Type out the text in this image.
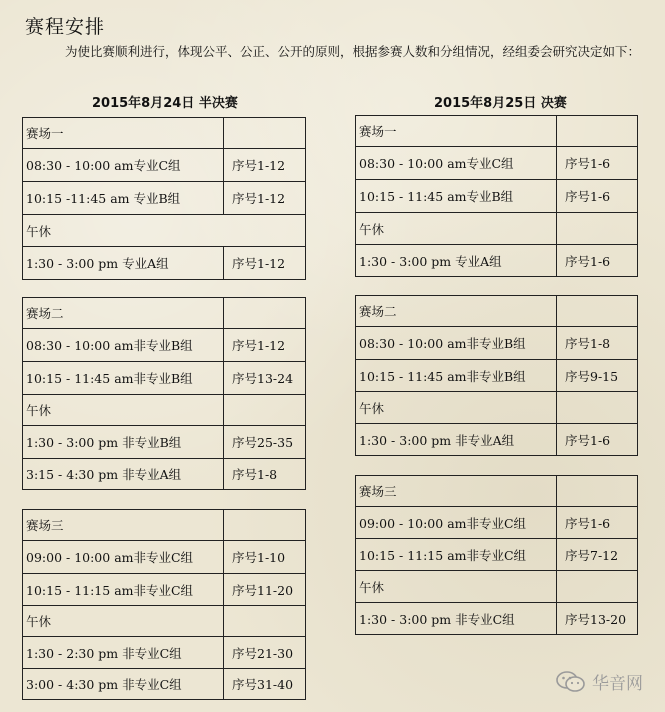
赛程安排
为使比赛顺利进行，体现公平、公正、公开的原则，根据参赛人数和分组情况，经组委会研究决定如下：
2015年8月24日 半决赛	2015年8月25日 决赛
赛场一	
08:30 - 10:00 am专业C组	序号1-12
10:15 -11:45 am 专业B组	序号1-12
午休	
1:30 - 3:00 pm 专业A组	序号1-12
赛场二	
08:30 - 10:00 am非专业B组	序号1-12
10:15 - 11:45 am非专业B组	序号13-24
午休	
1:30 - 3:00 pm 非专业B组	序号25-35
3:15 - 4:30 pm 非专业A组	序号1-8
赛场三	
09:00 - 10:00 am非专业C组	序号1-10
10:15 - 11:15 am非专业C组	序号11-20
午休	
1:30 - 2:30 pm 非专业C组	序号21-30
3:00 - 4:30 pm 非专业C组	序号31-40
赛场一	
08:30 - 10:00 am专业C组	序号1-6
10:15 - 11:45 am专业B组	序号1-6
午休	
1:30 - 3:00 pm 专业A组	序号1-6
赛场二	
08:30 - 10:00 am非专业B组	序号1-8
10:15 - 11:45 am非专业B组	序号9-15
午休	
1:30 - 3:00 pm 非专业A组	序号1-6
赛场三	
09:00 - 10:00 am非专业C组	序号1-6
10:15 - 11:15 am非专业C组	序号7-12
午休	
1:30 - 3:00 pm 非专业C组	序号13-20
华音网
